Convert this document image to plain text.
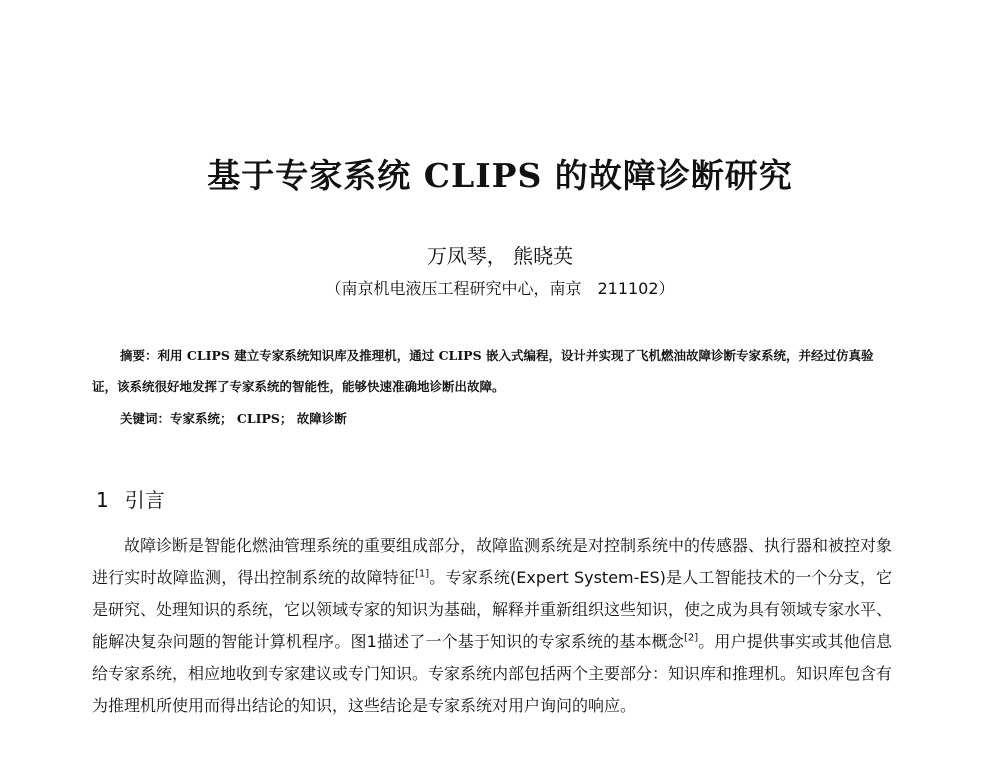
基于专家系统 CLIPS 的故障诊断研究
万凤琴， 熊晓英
（南京机电液压工程研究中心，南京　211102）

摘要：利用 CLIPS 建立专家系统知识库及推理机，通过 CLIPS 嵌入式编程，设计并实现了飞机燃油故障诊断专家系统，并经过仿真验证，该系统很好地发挥了专家系统的智能性，能够快速准确地诊断出故障。

关键词：专家系统； CLIPS； 故障诊断
1 引言

故障诊断是智能化燃油管理系统的重要组成部分，故障监测系统是对控制系统中的传感器、执行器和被控对象进行实时故障监测，得出控制系统的故障特征[1]。专家系统(Expert System-ES)是人工智能技术的一个分支，它是研究、处理知识的系统，它以领域专家的知识为基础，解释并重新组织这些知识，使之成为具有领域专家水平、能解决复杂问题的智能计算机程序。图1描述了一个基于知识的专家系统的基本概念[2]。用户提供事实或其他信息给专家系统，相应地收到专家建议或专门知识。专家系统内部包括两个主要部分：知识库和推理机。知识库包含有为推理机所使用而得出结论的知识，这些结论是专家系统对用户询问的响应。
